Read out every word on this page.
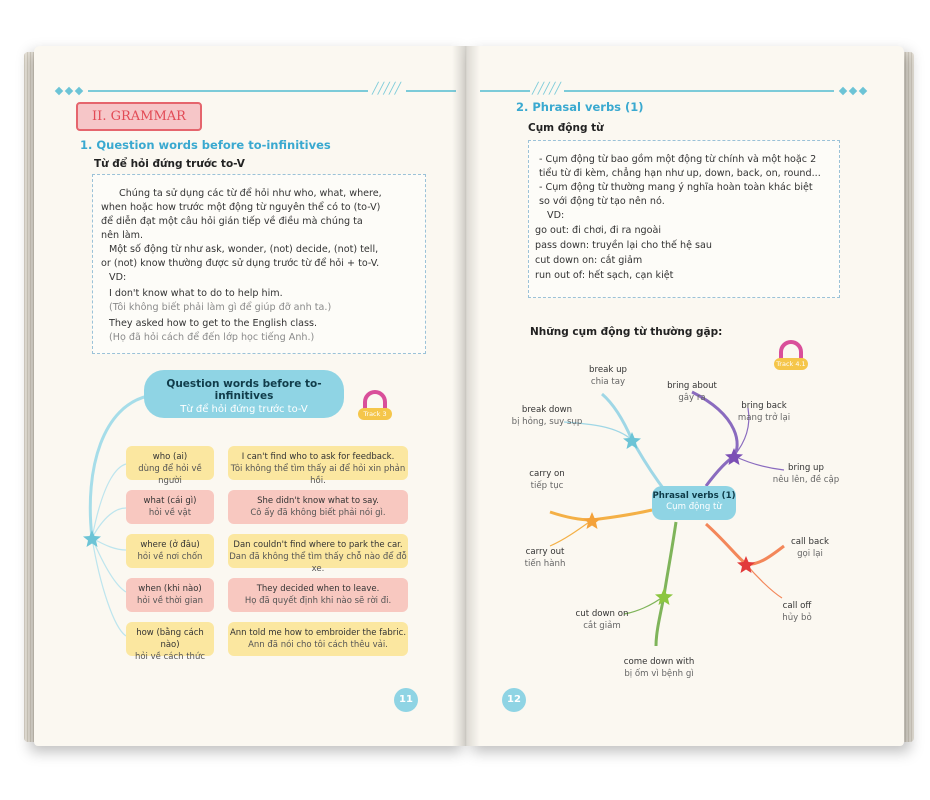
╱╱╱╱╱
II. GRAMMAR
1. Question words before to-infinitives
Từ để hỏi đứng trước to-V
Chúng ta sử dụng các từ để hỏi như who, what, where,
when hoặc how trước một động từ nguyên thể có to (to-V)
để diễn đạt một câu hỏi gián tiếp về điều mà chúng ta
nên làm.
Một số động từ như ask, wonder, (not) decide, (not) tell,
or (not) know thường được sử dụng trước từ để hỏi + to-V.
VD:
I don't know what to do to help him.
(Tôi không biết phải làm gì để giúp đỡ anh ta.)
They asked how to get to the English class.
(Họ đã hỏi cách để đến lớp học tiếng Anh.)
Question words before to-infinitives
Từ để hỏi đứng trước to-V	Track 3
who (ai)
dùng để hỏi về người
I can't find who to ask for feedback.
Tôi không thể tìm thấy ai để hỏi xin phản hồi.
what (cái gì)
hỏi về vật
She didn't know what to say.
Cô ấy đã không biết phải nói gì.
where (ở đâu)
hỏi về nơi chốn
Dan couldn't find where to park the car.
Dan đã không thể tìm thấy chỗ nào để đỗ xe.
when (khi nào)
hỏi về thời gian
They decided when to leave.
Họ đã quyết định khi nào sẽ rời đi.
how (bằng cách nào)
hỏi về cách thức
Ann told me how to embroider the fabric.
Ann đã nói cho tôi cách thêu vải.
11
╱╱╱╱╱
2. Phrasal verbs (1)
Cụm động từ
- Cụm động từ bao gồm một động từ chính và một hoặc 2
tiểu từ đi kèm, chẳng hạn như up, down, back, on, round...
- Cụm động từ thường mang ý nghĩa hoàn toàn khác biệt
so với động từ tạo nên nó.
VD:
go out: đi chơi, đi ra ngoài
pass down: truyền lại cho thế hệ sau
cut down on: cắt giảm
run out of: hết sạch, cạn kiệt
Những cụm động từ thường gặp:
Track 4.1
Phrasal verbs (1)
Cụm động từ
break up
chia tay	bring about
gây ra
break down
bị hỏng, suy sụp
bring back
mang trở lại
bring up
nêu lên, đề cập
carry on
tiếp tục
call back
gọi lại
carry out
tiến hành
call off
hủy bỏ
cut down on
cắt giảm
come down with
bị ốm vì bệnh gì
12
